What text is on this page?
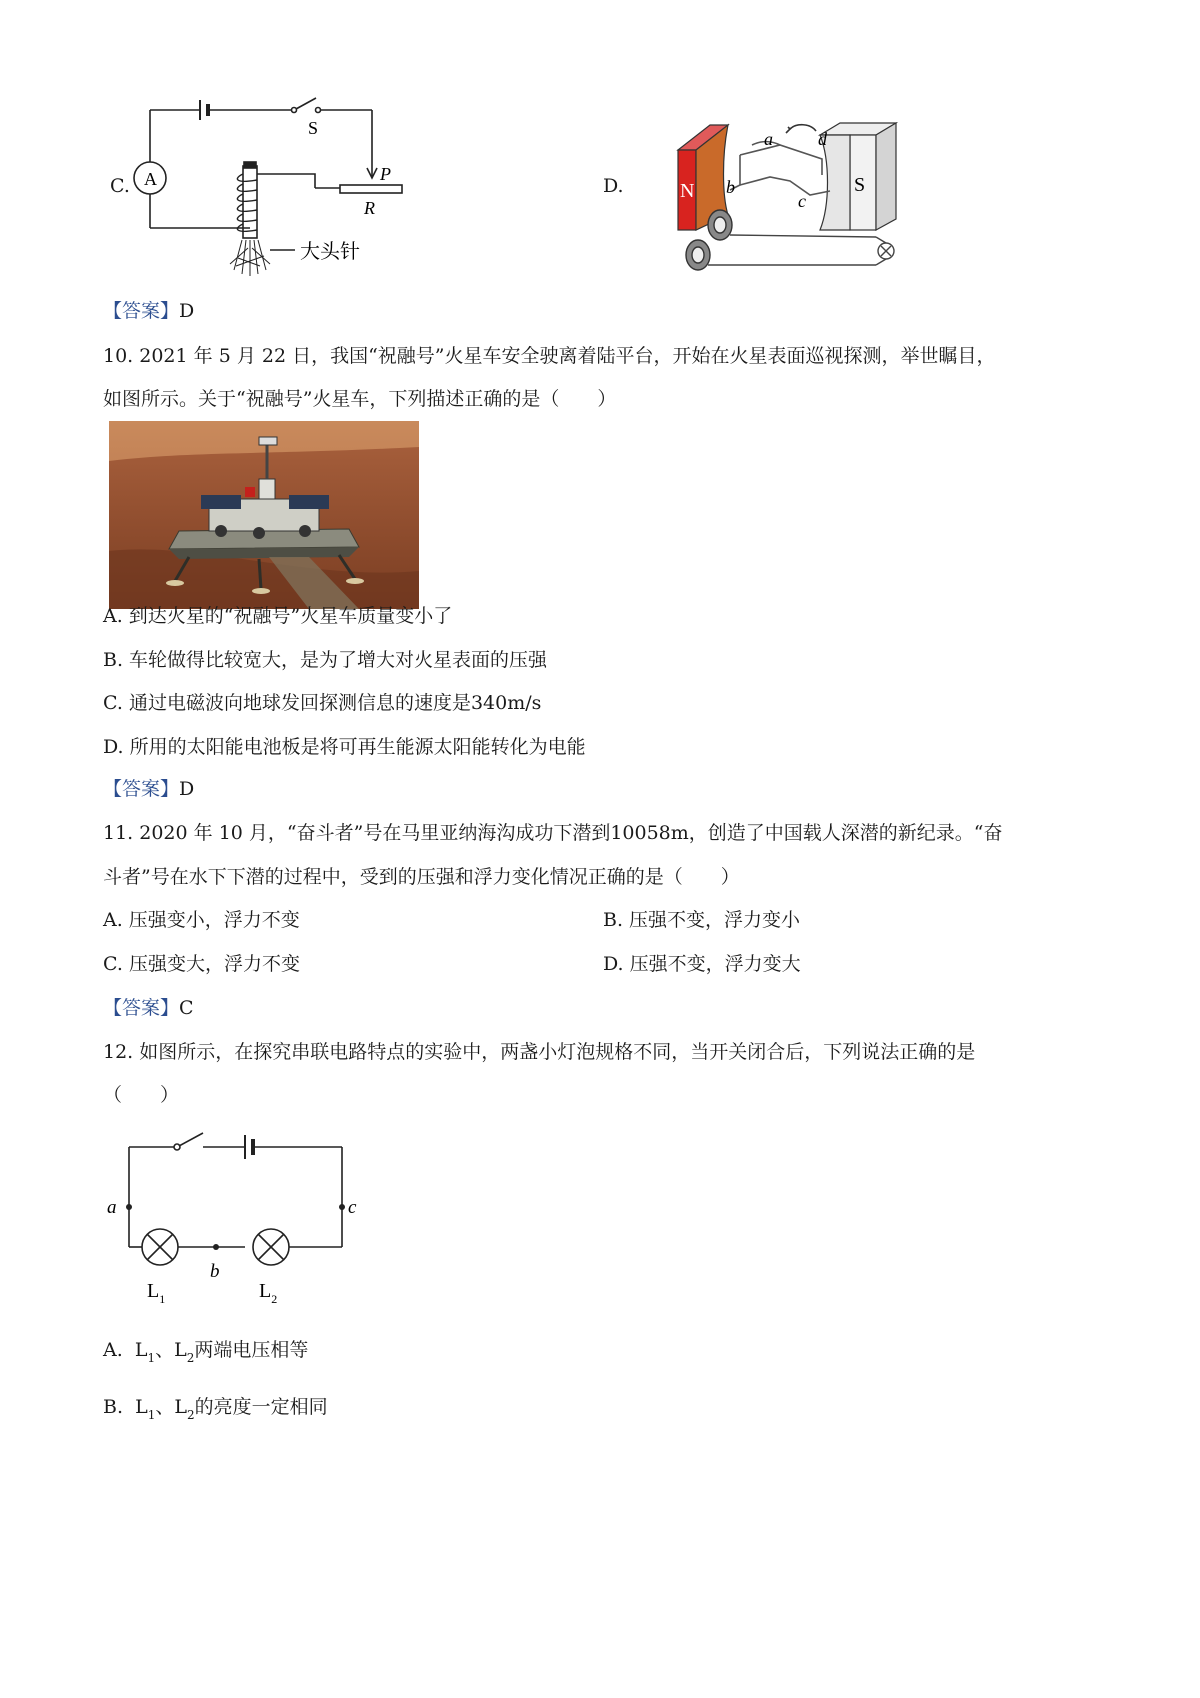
C. A
S
P
R
大头针
D.	N	S
a
b
c
d
【答案】D
10. 2021 年 5 月 22 日，我国“祝融号”火星车安全驶离着陆平台，开始在火星表面巡视探测，举世瞩目，
如图所示。关于“祝融号”火星车，下列描述正确的是（　　）
A. 到达火星的“祝融号”火星车质量变小了
B. 车轮做得比较宽大，是为了增大对火星表面的压强
C. 通过电磁波向地球发回探测信息的速度是340m/s
D. 所用的太阳能电池板是将可再生能源太阳能转化为电能
【答案】D
11. 2020 年 10 月，“奋斗者”号在马里亚纳海沟成功下潜到10058m，创造了中国载人深潜的新纪录。“奋
斗者”号在水下下潜的过程中，受到的压强和浮力变化情况正确的是（　　）
A. 压强变小，浮力不变	B. 压强不变，浮力变小
C. 压强变大，浮力不变	D. 压强不变，浮力变大
【答案】C
12. 如图所示，在探究串联电路特点的实验中，两盏小灯泡规格不同，当开关闭合后，下列说法正确的是
（　　）
a	c
b
$L_1$	$L_2$
A. $L_1$、$L_2$两端电压相等
B. $L_1$、$L_2$的亮度一定相同
